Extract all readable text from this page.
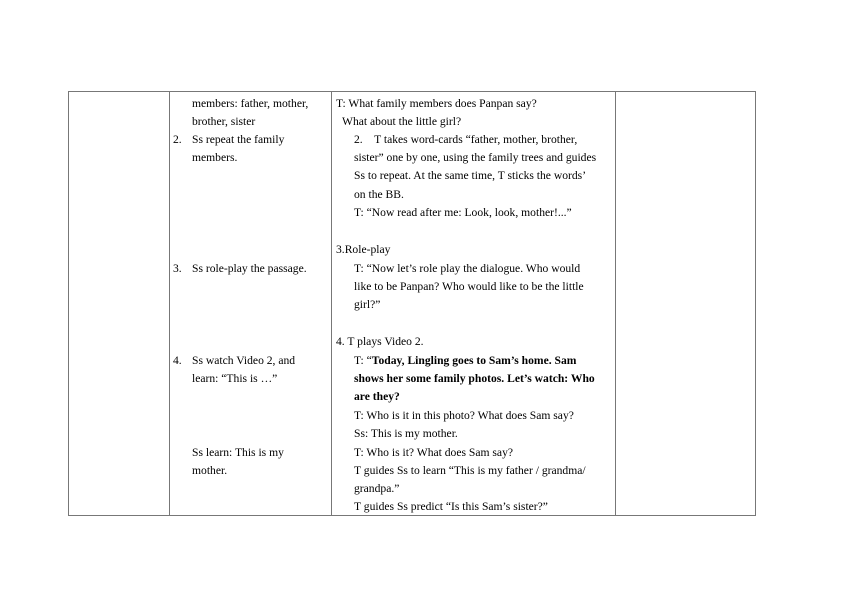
members: father, mother,
brother, sister
2. Ss repeat the family
members.
3. Ss role-play the passage.
4. Ss watch Video 2, and
learn: “This is …”
Ss learn: This is my
mother.
T: What family members does Panpan say?
What about the little girl?
2.    T takes word-cards “father, mother, brother,
sister” one by one, using the family trees and guides
Ss to repeat. At the same time, T sticks the words’
on the BB.
T: “Now read after me: Look, look, mother!...”
3.Role-play
T: “Now let’s role play the dialogue. Who would
like to be Panpan? Who would like to be the little
girl?”
4. T plays Video 2.
T: “Today, Lingling goes to Sam’s home. Sam
shows her some family photos. Let’s watch: Who
are they?
T: Who is it in this photo? What does Sam say?
Ss: This is my mother.
T: Who is it? What does Sam say?
T guides Ss to learn “This is my father / grandma/
grandpa.”
T guides Ss predict “Is this Sam’s sister?”
